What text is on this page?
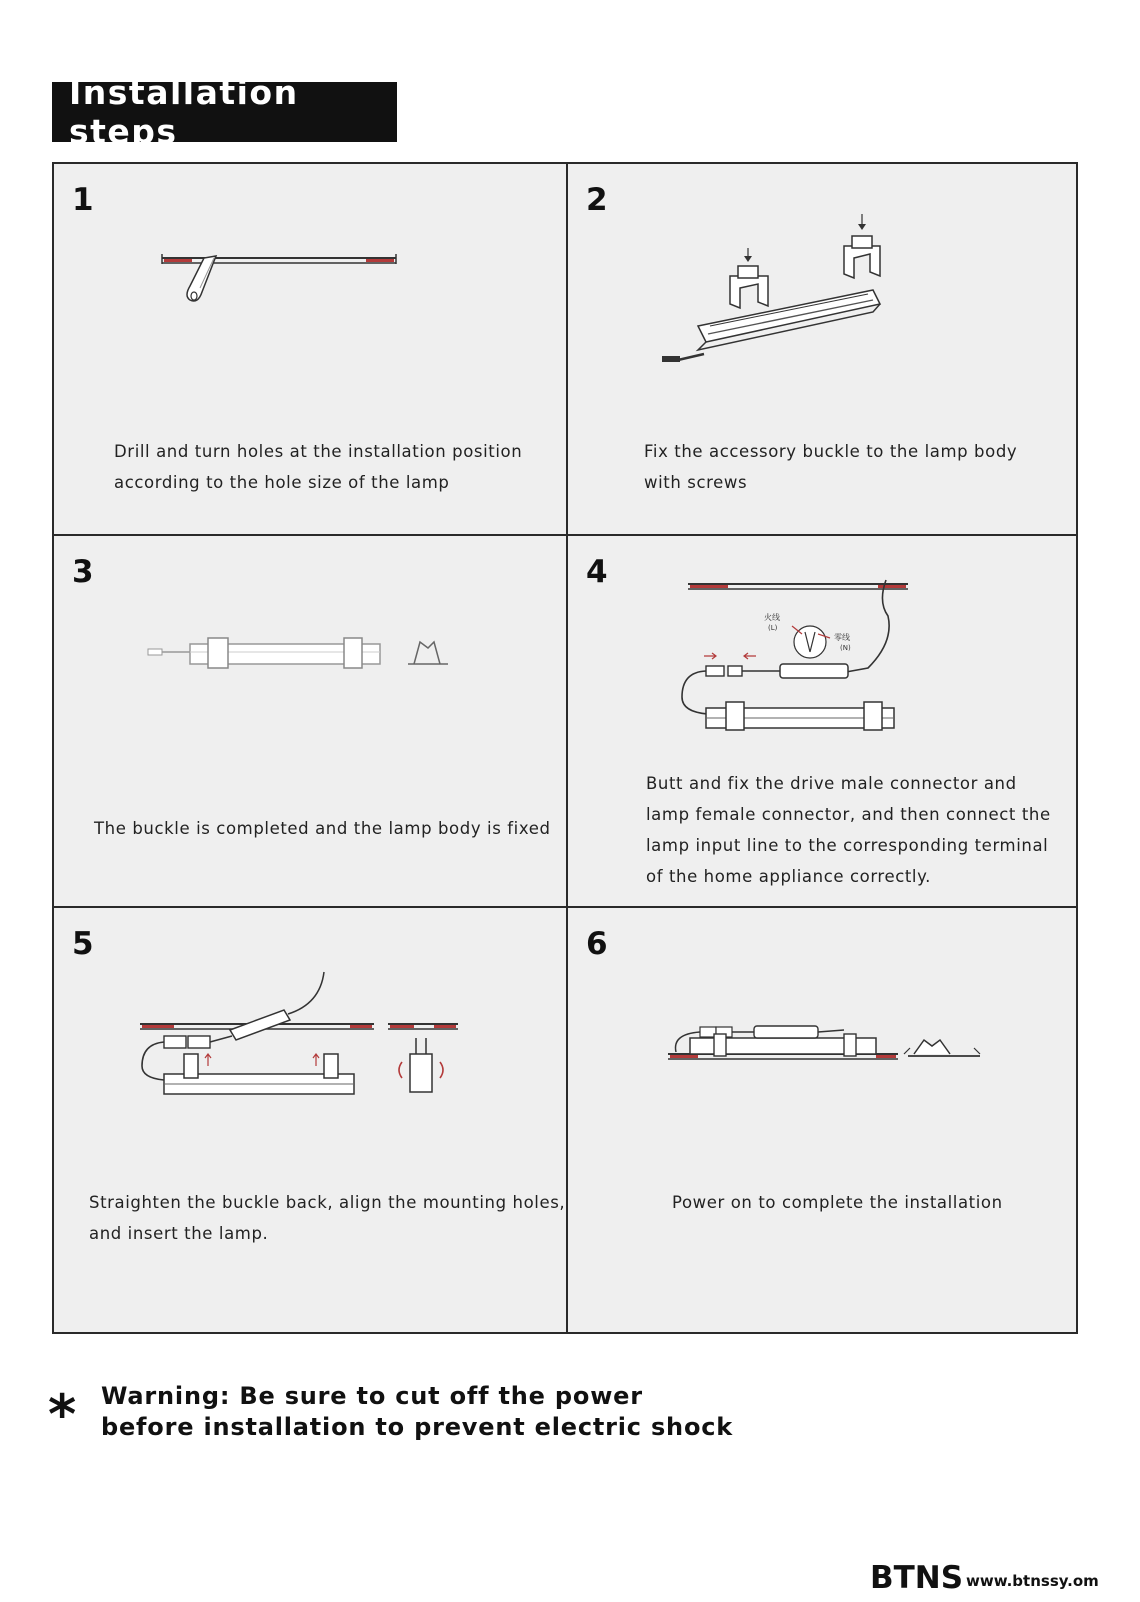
Installation steps
1
Drill and turn holes at the installation position
according to the hole size of the lamp
2
Fix the accessory buckle to the lamp body
with screws
3
The buckle is completed and the lamp body is fixed
4
火线
(L)
零线
(N)
Butt and fix the drive male connector and
lamp female connector, and then connect the
lamp input line to the corresponding terminal
of the home appliance correctly.
5
Straighten the buckle back, align the mounting holes,
and insert the lamp.
6
Power on to complete the installation
* Warning: Be sure to cut off the power
before installation to prevent electric shock
BTNS www.btnssy.om
